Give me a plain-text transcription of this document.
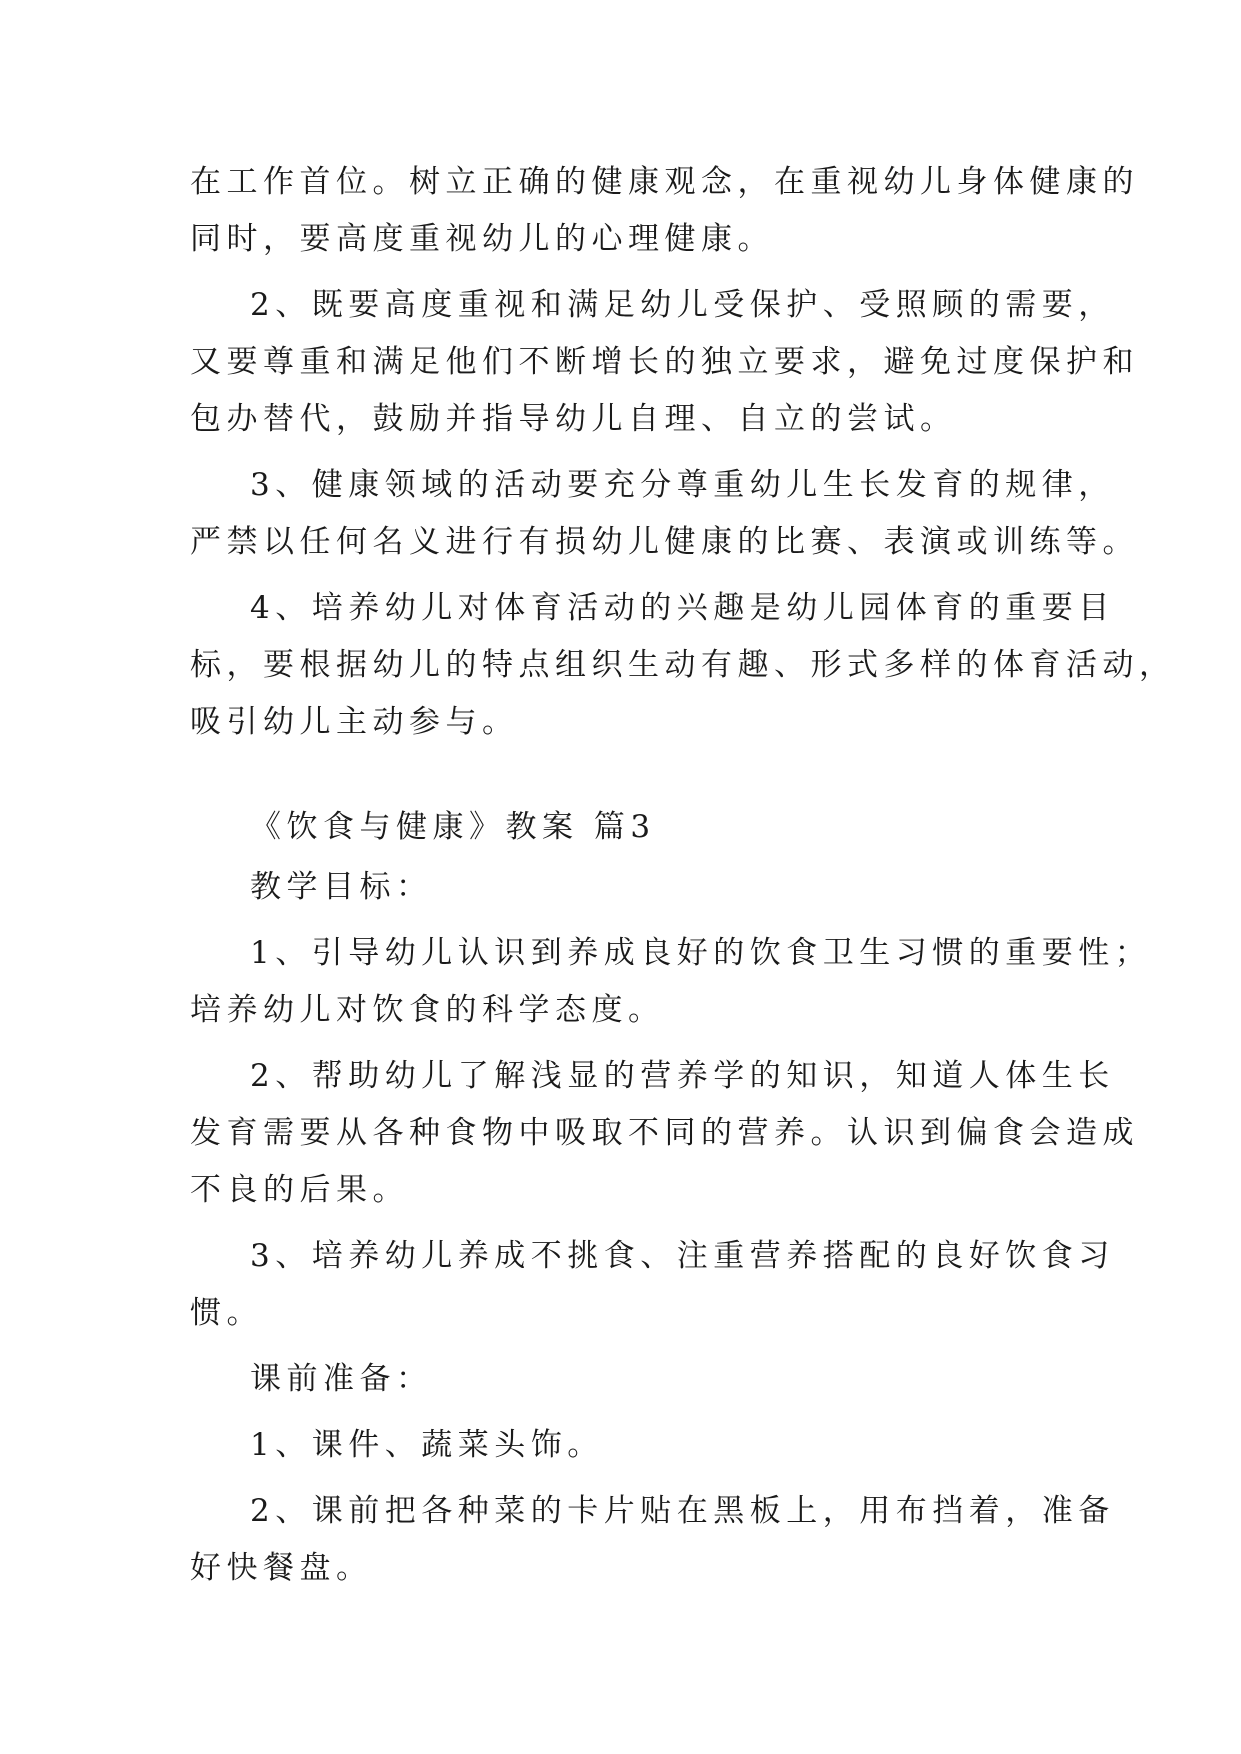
在工作首位。树立正确的健康观念，在重视幼儿身体健康的
同时，要高度重视幼儿的心理健康。
2、既要高度重视和满足幼儿受保护、受照顾的需要，
又要尊重和满足他们不断增长的独立要求，避免过度保护和
包办替代，鼓励并指导幼儿自理、自立的尝试。
3、健康领域的活动要充分尊重幼儿生长发育的规律，
严禁以任何名义进行有损幼儿健康的比赛、表演或训练等。
4、培养幼儿对体育活动的兴趣是幼儿园体育的重要目
标，要根据幼儿的特点组织生动有趣、形式多样的体育活动，
吸引幼儿主动参与。
《饮食与健康》教案 篇3
教学目标：
1、引导幼儿认识到养成良好的饮食卫生习惯的重要性；
培养幼儿对饮食的科学态度。
2、帮助幼儿了解浅显的营养学的知识，知道人体生长
发育需要从各种食物中吸取不同的营养。认识到偏食会造成
不良的后果。
3、培养幼儿养成不挑食、注重营养搭配的良好饮食习
惯。
课前准备：
1、课件、蔬菜头饰。
2、课前把各种菜的卡片贴在黑板上，用布挡着，准备
好快餐盘。
